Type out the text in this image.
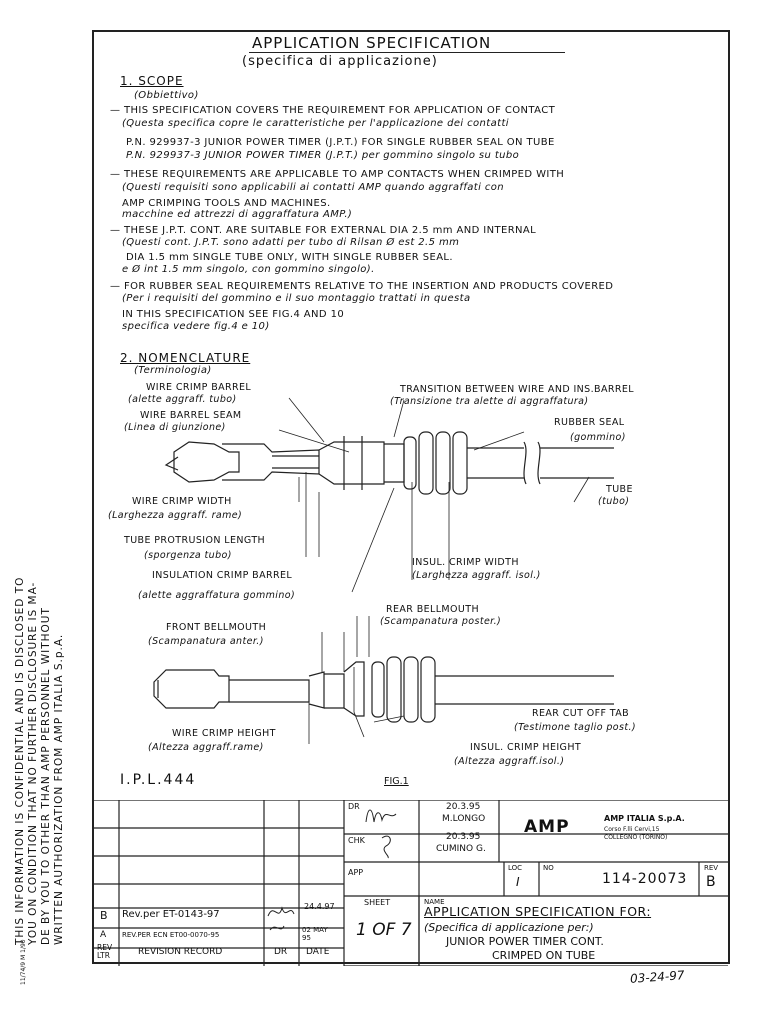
THIS INFORMATION IS CONFIDENTIAL AND IS DISCLOSED TO YOU ON CONDITION THAT NO FURTHER DISCLOSURE IS MA- DE BY YOU TO OTHER THAN AMP PERSONNEL WITHOUT WRITTEN AUTHORIZATION FROM AMP ITALIA S.p.A.
11/74/9 M 1/90
APPLICATION SPECIFICATION
(specifica di applicazione)
1. SCOPE
(Obbiettivo)
— THIS SPECIFICATION COVERS THE REQUIREMENT FOR APPLICATION OF CONTACT
(Questa specifica copre le caratteristiche per l'applicazione dei contatti
P.N. 929937-3 JUNIOR POWER TIMER (J.P.T.) FOR SINGLE RUBBER SEAL ON TUBE
P.N. 929937-3 JUNIOR POWER TIMER (J.P.T.) per gommino singolo su tubo
— THESE REQUIREMENTS ARE APPLICABLE TO AMP CONTACTS WHEN CRIMPED WITH
(Questi requisiti sono applicabili ai contatti AMP quando aggraffati con
AMP CRIMPING TOOLS AND MACHINES.
macchine ed attrezzi di aggraffatura AMP.)
— THESE J.P.T. CONT. ARE SUITABLE FOR EXTERNAL DIA 2.5 mm AND INTERNAL
(Questi cont. J.P.T. sono adatti per tubo di Rilsan Ø est 2.5 mm
DIA 1.5 mm SINGLE TUBE ONLY, WITH SINGLE RUBBER SEAL.
e Ø int 1.5 mm singolo, con gommino singolo).
— FOR RUBBER SEAL REQUIREMENTS RELATIVE TO THE INSERTION AND PRODUCTS COVERED
(Per i requisiti del gommino e il suo montaggio trattati in questa
IN THIS SPECIFICATION SEE FIG.4 AND 10
specifica vedere fig.4 e 10)
2. NOMENCLATURE
(Terminologia)
WIRE CRIMP BARREL
(alette aggraff. tubo)
WIRE BARREL SEAM
(Linea di giunzione)
TRANSITION BETWEEN WIRE AND INS.BARREL
(Transizione tra alette di aggraffatura)
RUBBER SEAL
(gommino)
TUBE
(tubo)
WIRE CRIMP WIDTH
(Larghezza aggraff. rame)
TUBE PROTRUSION LENGTH
(sporgenza tubo)
INSUL. CRIMP WIDTH
(Larghezza aggraff. isol.)
INSULATION CRIMP BARREL
(alette aggraffatura gommino)
REAR BELLMOUTH
(Scampanatura poster.)
FRONT BELLMOUTH
(Scampanatura anter.)
REAR CUT OFF TAB
(Testimone taglio post.)
INSUL. CRIMP HEIGHT
(Altezza aggraff.isol.)
WIRE CRIMP HEIGHT
(Altezza aggraff.rame)
I.P.L.444	FIG.1
B Rev.per ET-0143-97
24.4.97
A REV.PER ECN ET00-0070-95
02 MAY 95
REV LTR	REVISION RECORD	DR DATE
DR	20.3.95
M.LONGO
CHK	20.3.95
CUMINO G.
APP
AMP	AMP ITALIA S.p.A.
Corso F.lli Cervi,15
COLLEGNO (TORINO)
LOC
I
NO
114-20073
REV
B
SHEET
1 OF 7
NAME
APPLICATION SPECIFICATION FOR:
(Specifica di applicazione per:)
JUNIOR POWER TIMER CONT.
CRIMPED ON TUBE
03-24-97
